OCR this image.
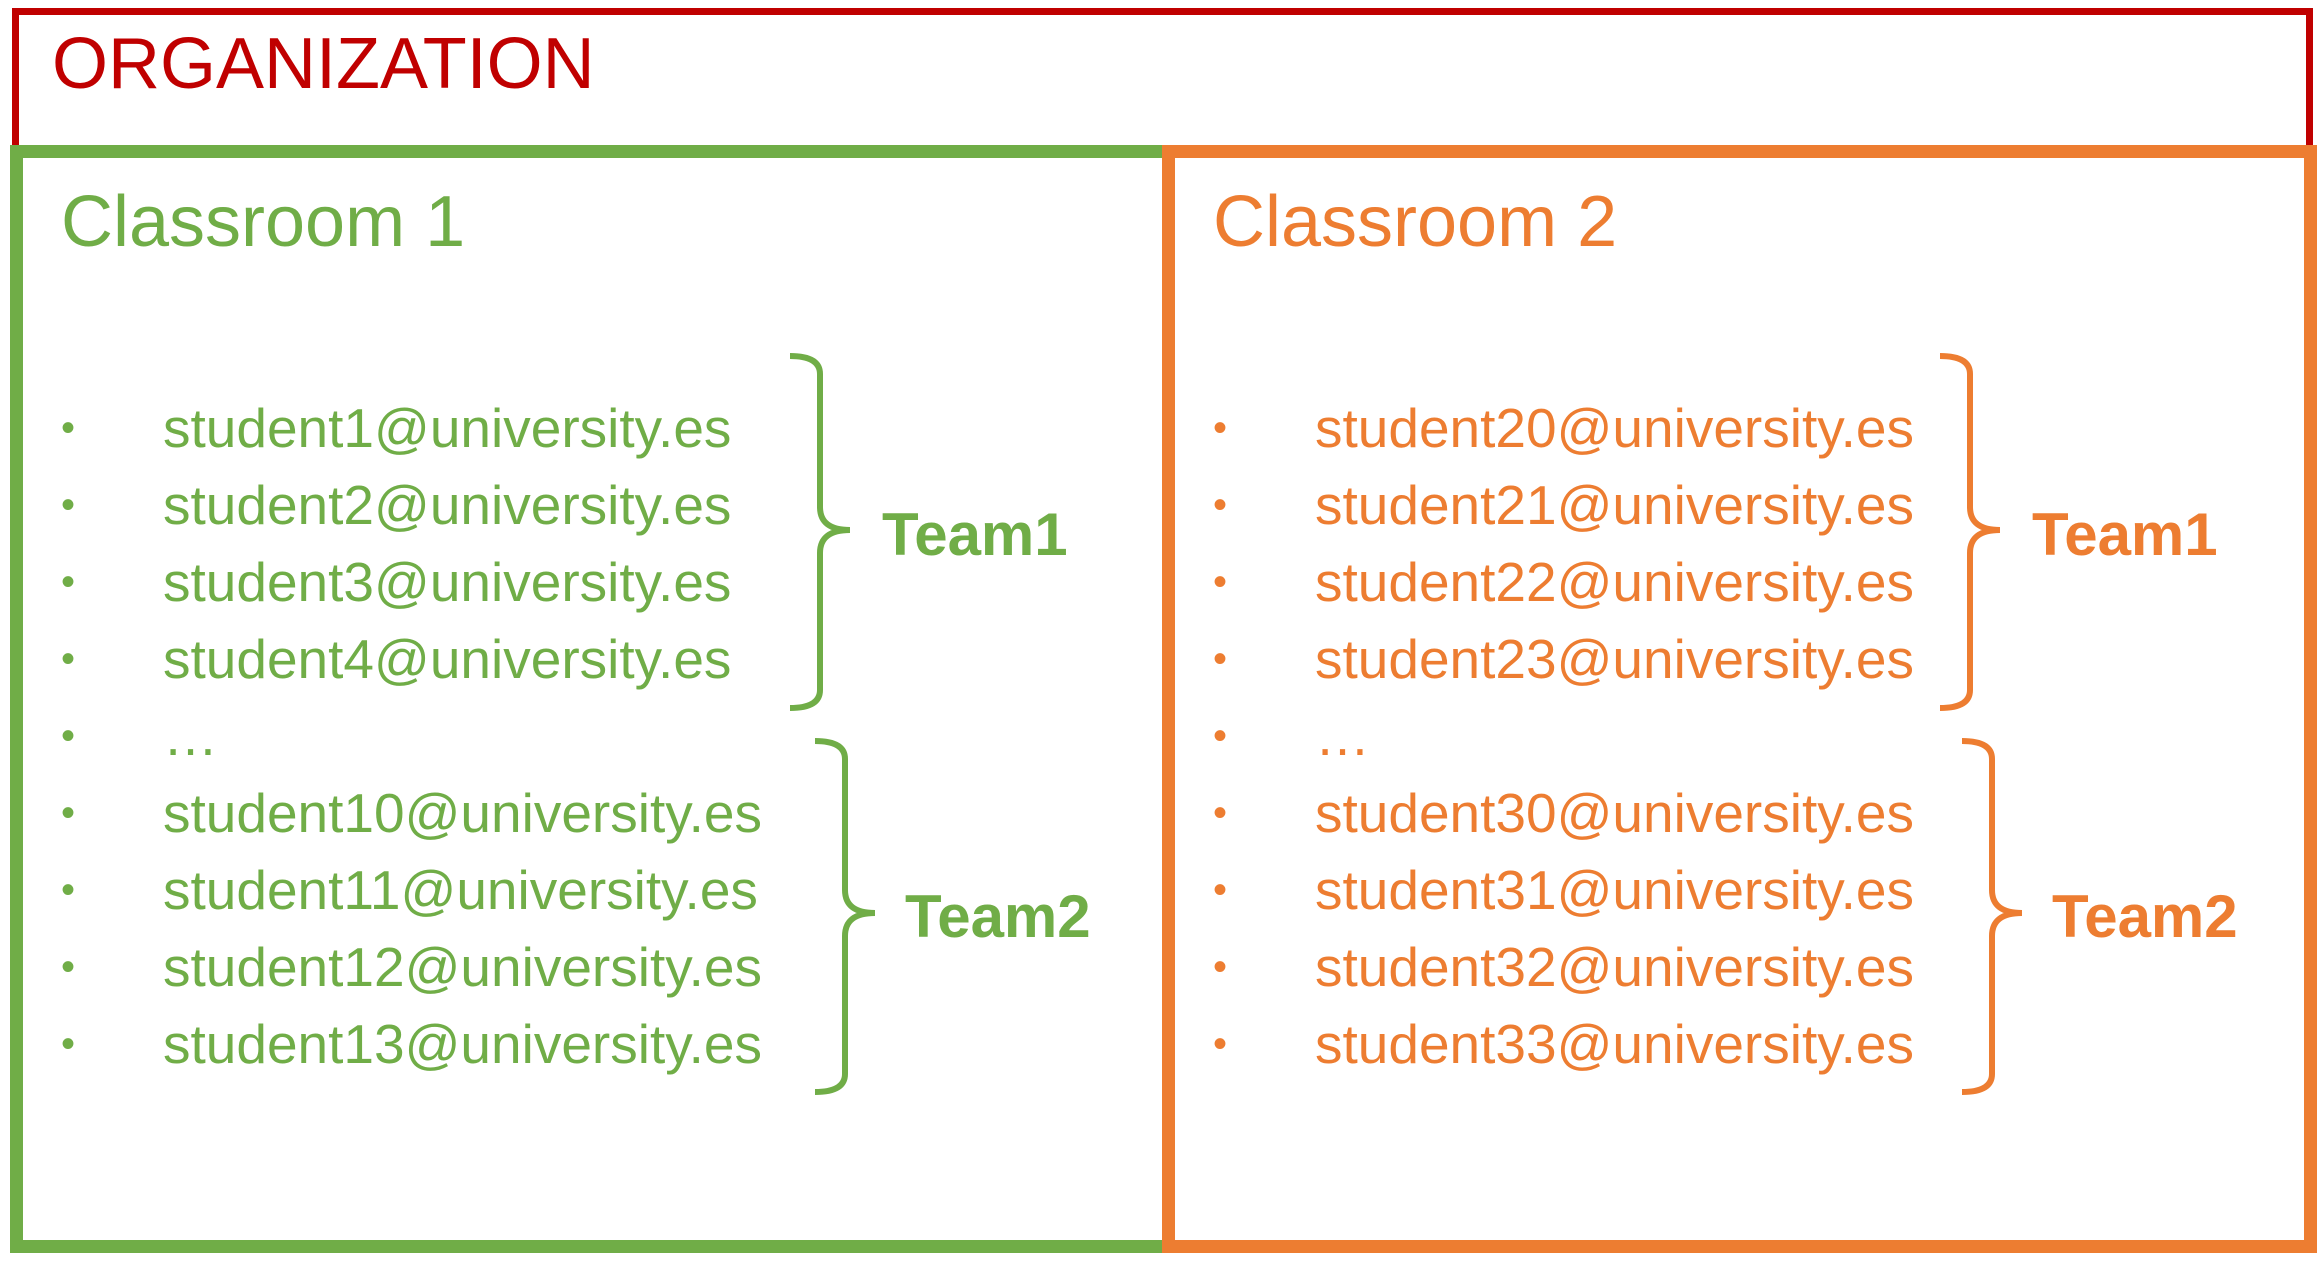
ORGANIZATION
Classroom 1
• student1@university.es
• student2@university.es
• student3@university.es
• student4@university.es
• …
• student10@university.es
• student11@university.es
• student12@university.es
• student13@university.es
Team1
Team2
Classroom 2
• student20@university.es
• student21@university.es
• student22@university.es
• student23@university.es
• …
• student30@university.es
• student31@university.es
• student32@university.es
• student33@university.es
Team1
Team2
